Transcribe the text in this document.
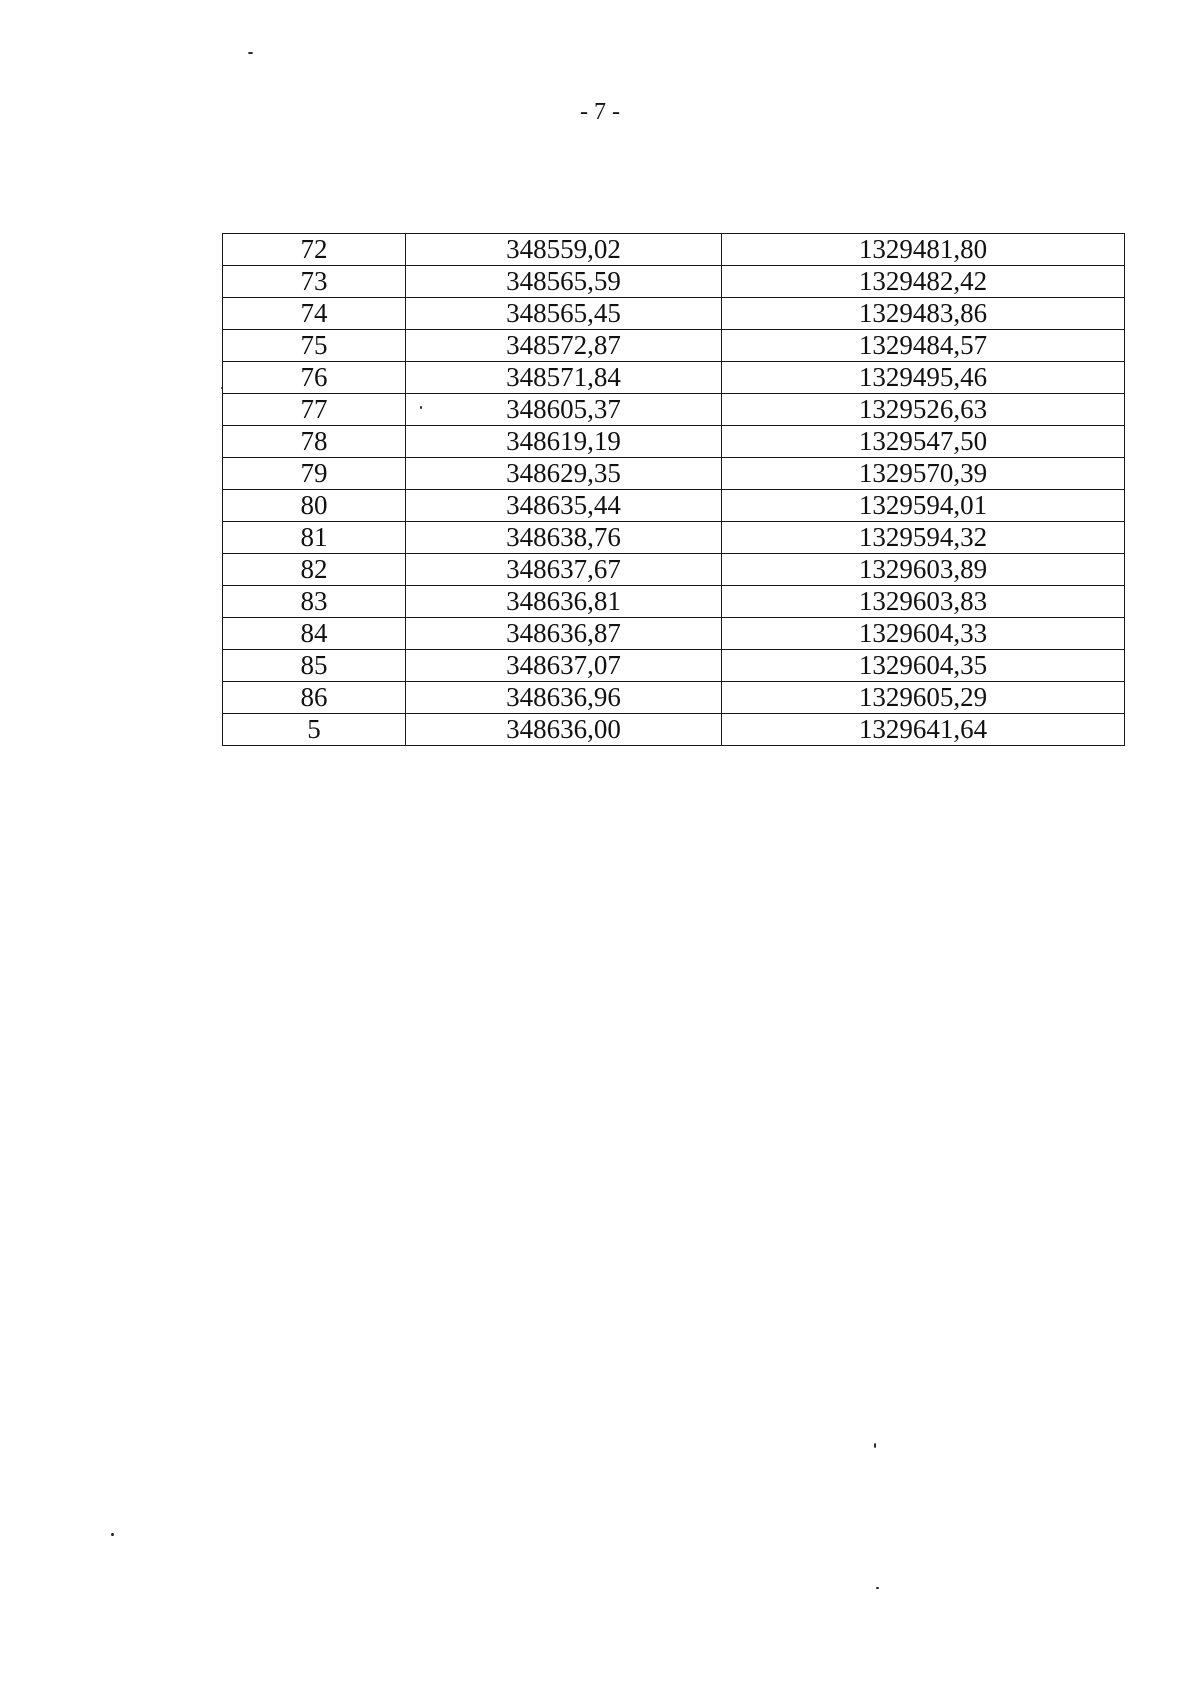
- 7 -
72	348559,02	1329481,80
73	348565,59	1329482,42
74	348565,45	1329483,86
75	348572,87	1329484,57
76	348571,84	1329495,46
77	348605,37	1329526,63
78	348619,19	1329547,50
79	348629,35	1329570,39
80	348635,44	1329594,01
81	348638,76	1329594,32
82	348637,67	1329603,89
83	348636,81	1329603,83
84	348636,87	1329604,33
85	348637,07	1329604,35
86	348636,96	1329605,29
5	348636,00	1329641,64
